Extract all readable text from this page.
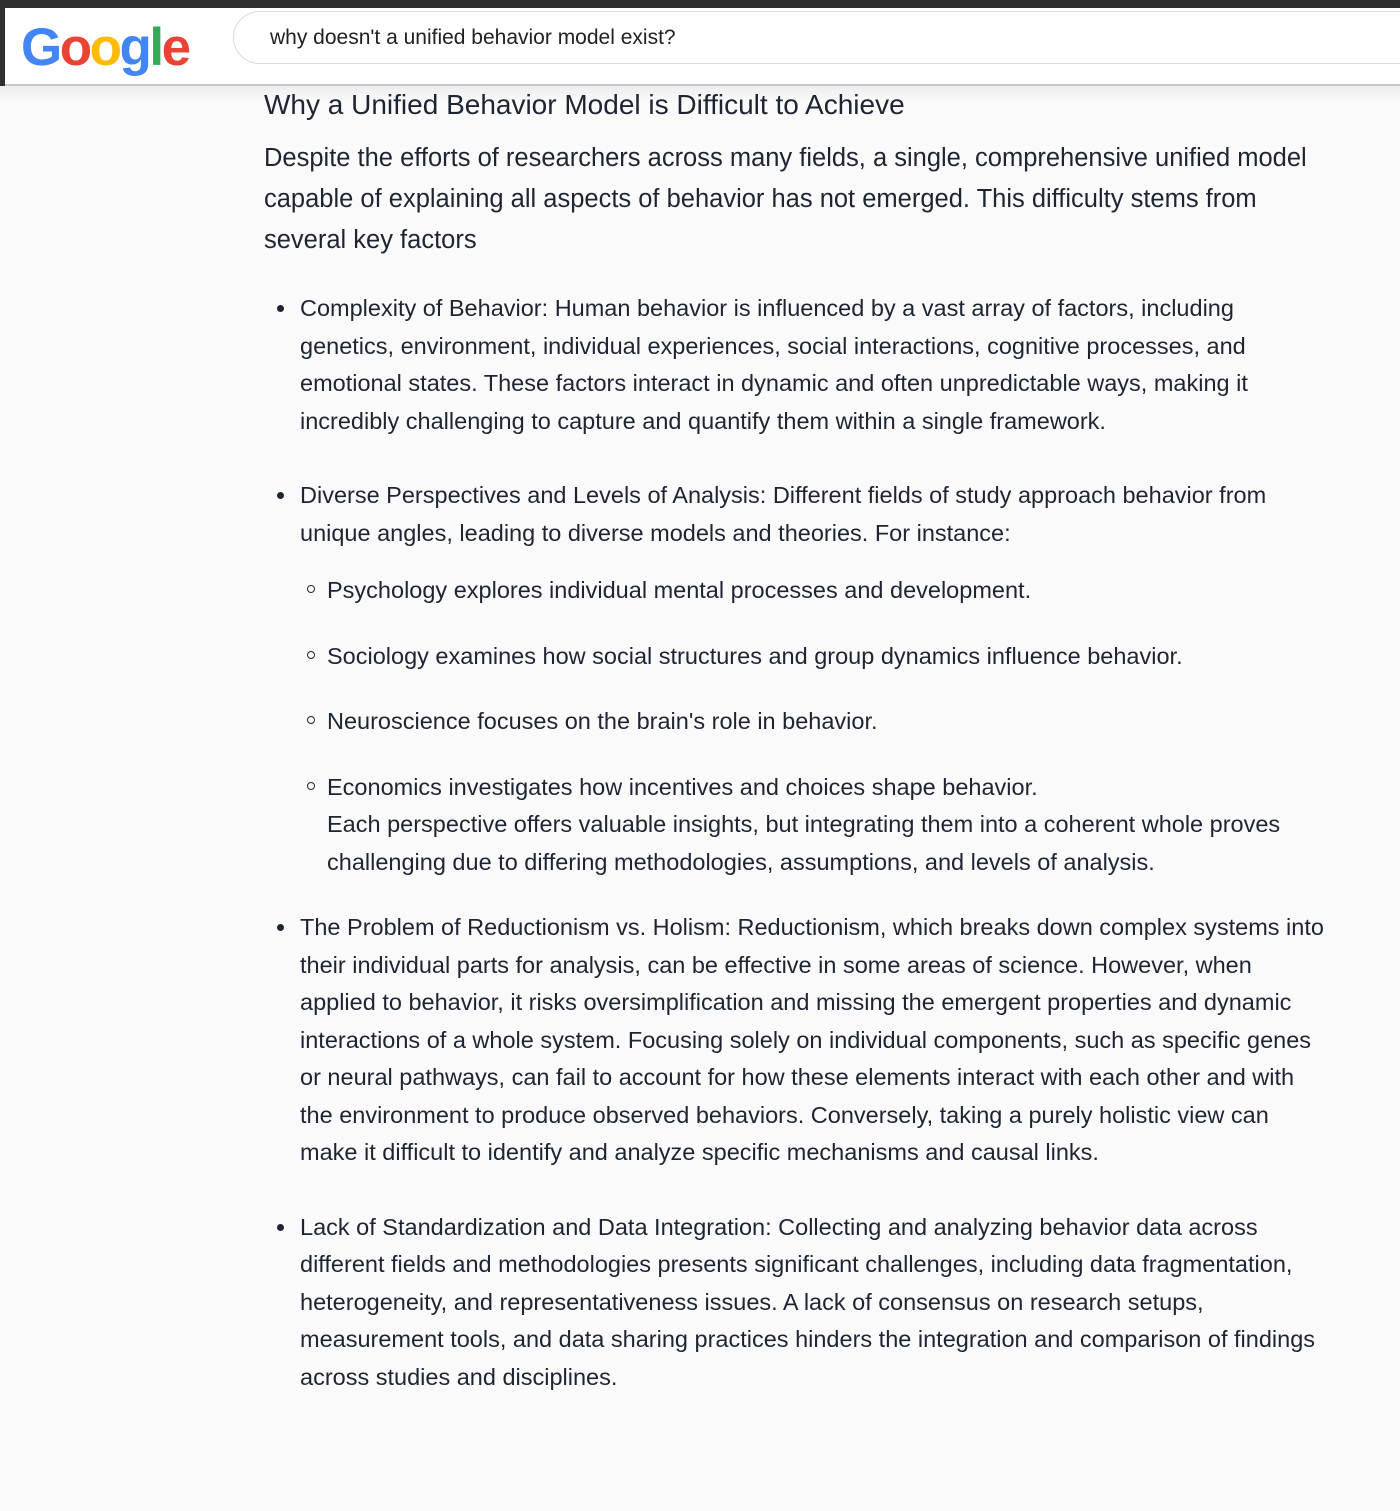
Google	why doesn't a unified behavior model exist?
Why a Unified Behavior Model is Difficult to Achieve

Despite the efforts of researchers across many fields, a single, comprehensive unified model capable of explaining all aspects of behavior has not emerged. This difficulty stems from several key factors

Complexity of Behavior: Human behavior is influenced by a vast array of factors, including genetics, environment, individual experiences, social interactions, cognitive processes, and emotional states. These factors interact in dynamic and often unpredictable ways, making it incredibly challenging to capture and quantify them within a single framework.
Diverse Perspectives and Levels of Analysis: Different fields of study approach behavior from unique angles, leading to diverse models and theories. For instance:
Psychology explores individual mental processes and development.
Sociology examines how social structures and group dynamics influence behavior.
Neuroscience focuses on the brain's role in behavior.
Economics investigates how incentives and choices shape behavior.
Each perspective offers valuable insights, but integrating them into a coherent whole proves challenging due to differing methodologies, assumptions, and levels of analysis.
The Problem of Reductionism vs. Holism: Reductionism, which breaks down complex systems into their individual parts for analysis, can be effective in some areas of science. However, when applied to behavior, it risks oversimplification and missing the emergent properties and dynamic interactions of a whole system. Focusing solely on individual components, such as specific genes or neural pathways, can fail to account for how these elements interact with each other and with the environment to produce observed behaviors. Conversely, taking a purely holistic view can make it difficult to identify and analyze specific mechanisms and causal links.
Lack of Standardization and Data Integration: Collecting and analyzing behavior data across different fields and methodologies presents significant challenges, including data fragmentation, heterogeneity, and representativeness issues. A lack of consensus on research setups, measurement tools, and data sharing practices hinders the integration and comparison of findings across studies and disciplines.
